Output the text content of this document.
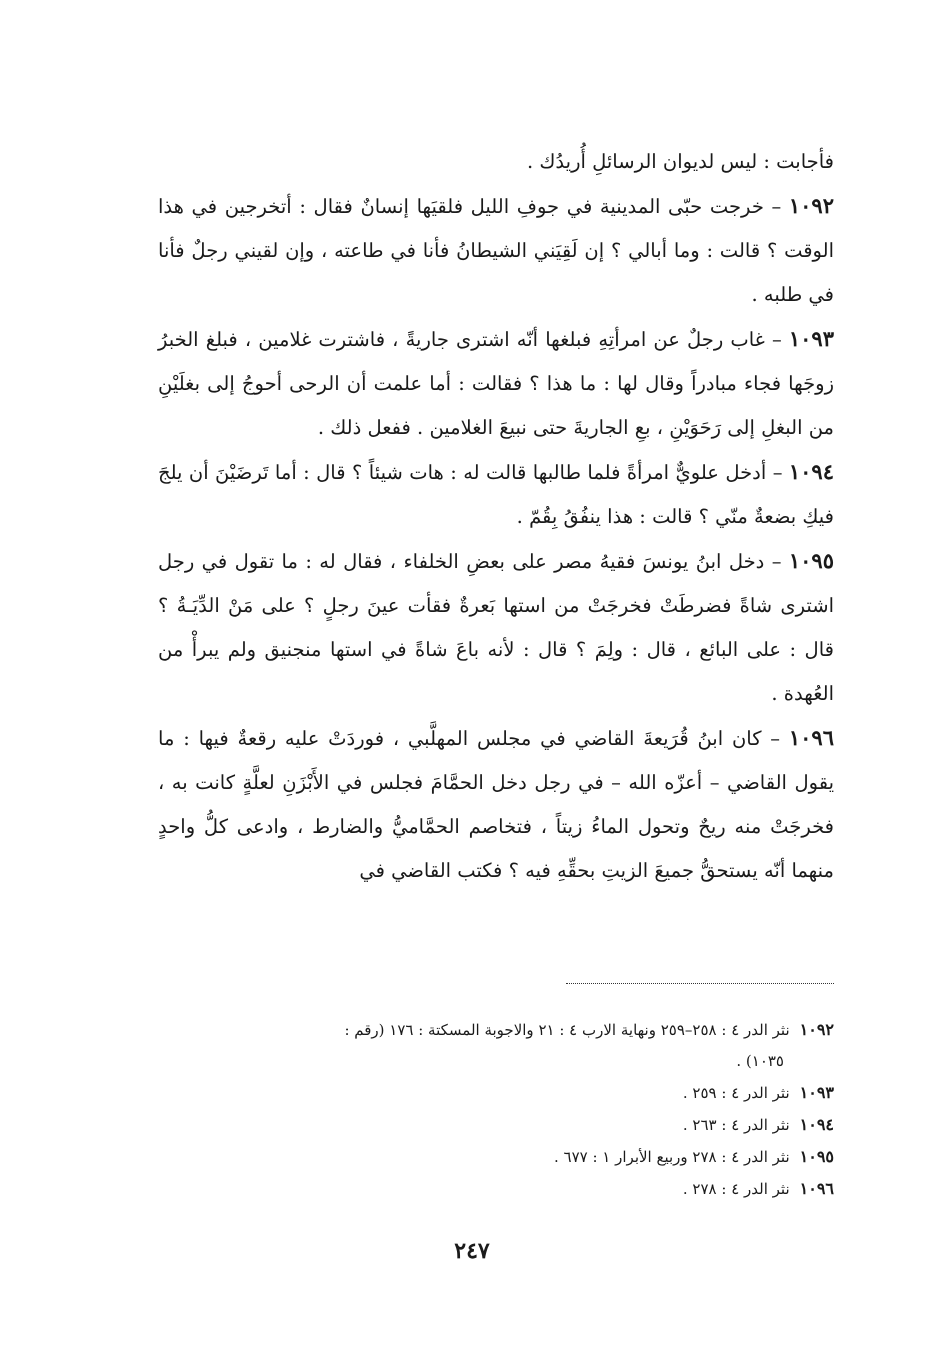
فأجابت : ليس لديوان الرسائلِ أُريدُك .

١٠٩٢ – خرجت حبّى المدينية في جوفِ الليل فلقيَها إنسانٌ فقال : أتخرجين في هذا الوقت ؟ قالت : وما أبالي ؟ إن لَقِيَني الشيطانُ فأنا في طاعته ، وإن لقيني رجلٌ فأنا في طلبه .

١٠٩٣ – غاب رجلٌ عن امرأتِهِ فبلغها أنّه اشترى جاريةً ، فاشترت غلامين ، فبلغ الخبرُ زوجَها فجاء مبادراً وقال لها : ما هذا ؟ فقالت : أما علمت أن الرحى أحوجُ إلى بغلَيْنِ من البغلِ إلى رَحَوَيْنِ ، بعِ الجاريةَ حتى نبيعَ الغلامين . ففعل ذلك .

١٠٩٤ – أدخل علويٌّ امرأةً فلما طالبها قالت له : هات شيئاً ؟ قال : أما تَرضَيْنَ أن يلجَ فيكِ بضعةٌ منّي ؟ قالت : هذا ينفُقُ بِقُمّ .

١٠٩٥ – دخل ابنُ يونسَ فقيهُ مصر على بعضِ الخلفاء ، فقال له : ما تقول في رجل اشترى شاةً فضرطَتْ فخرجَتْ من استها بَعرةٌ فقأت عينَ رجلٍ ؟ على مَنْ الدِّيَـةُ ؟ قال : على البائع ، قال : ولِمَ ؟ قال : لأنه باعَ شاةً في استها منجنيق ولم يبرأْ من العُهدة .

١٠٩٦ – كان ابنُ قُرَيعةَ القاضي في مجلس المهلَّبي ، فوردَتْ عليه رقعةٌ فيها : ما يقول القاضي – أعزّه الله – في رجل دخل الحمَّامَ فجلس في الأَبْزَنِ لعلَّةٍ كانت به ، فخرجَتْ منه ريحٌ وتحول الماءُ زيتاً ، فتخاصم الحمَّاميُّ والضارط ، وادعى كلُّ واحدٍ منهما أنّه يستحقُّ جميعَ الزيتِ بحقِّهِ فيه ؟ فكتب القاضي في

١٠٩٢نثر الدر ٤ : ٢٥٨–٢٥٩ ونهاية الارب ٤ : ٢١ والاجوبة المسكتة : ١٧٦ (رقم :

١٠٣٥) .

١٠٩٣نثر الدر ٤ : ٢٥٩ .

١٠٩٤نثر الدر ٤ : ٢٦٣ .

١٠٩٥نثر الدر ٤ : ٢٧٨ وربيع الأبرار ١ : ٦٧٧ .

١٠٩٦نثر الدر ٤ : ٢٧٨ .

٢٤٧
